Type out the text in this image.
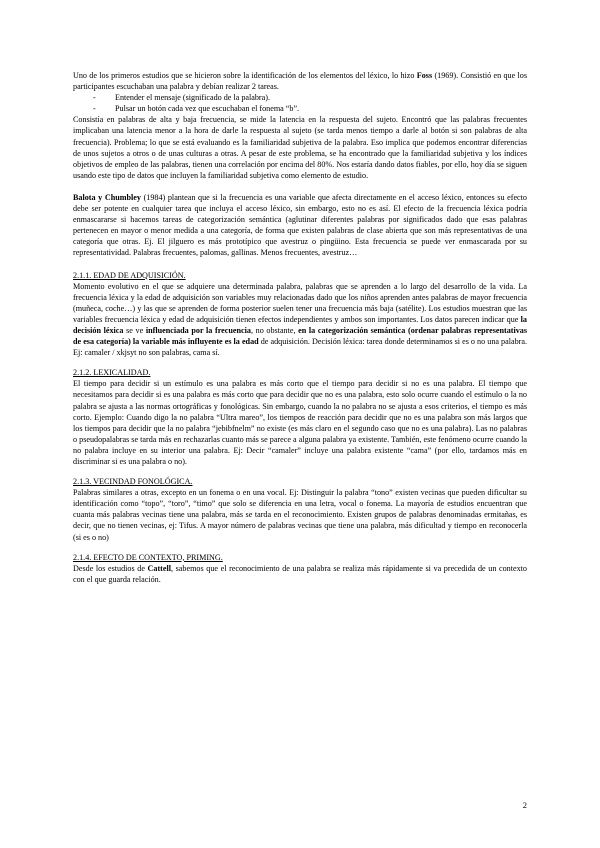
Uno de los primeros estudios que se hicieron sobre la identificación de los elementos del léxico, lo hizo Foss (1969). Consistió en que los participantes escuchaban una palabra y debían realizar 2 tareas.

-	Entender el mensaje (significado de la palabra).
-	Pulsar un botón cada vez que escuchaban el fonema “b”.

Consistía en palabras de alta y baja frecuencia, se mide la latencia en la respuesta del sujeto. Encontró que las palabras frecuentes implicaban una latencia menor a la hora de darle la respuesta al sujeto (se tarda menos tiempo a darle al botón si son palabras de alta frecuencia). Problema; lo que se está evaluando es la familiaridad subjetiva de la palabra. Eso implica que podemos encontrar diferencias de unos sujetos a otros o de unas culturas a otras. A pesar de este problema, se ha encontrado que la familiaridad subjetiva y los índices objetivos de empleo de las palabras, tienen una correlación por encima del 80%. Nos estaría dando datos fiables, por ello, hoy día se siguen usando este tipo de datos que incluyen la familiaridad subjetiva como elemento de estudio.

Balota y Chumbley (1984) plantean que si la frecuencia es una variable que afecta directamente en el acceso léxico, entonces su efecto debe ser potente en cualquier tarea que incluya el acceso léxico, sin embargo, esto no es así. El efecto de la frecuencia léxica podría enmascararse si hacemos tareas de categorización semántica (aglutinar diferentes palabras por significados dado que esas palabras pertenecen en mayor o menor medida a una categoría, de forma que existen palabras de clase abierta que son más representativas de una categoría que otras. Ej. El jilguero es más prototípico que avestruz o pingüino. Esta frecuencia se puede ver enmascarada por su representatividad. Palabras frecuentes, palomas, gallinas. Menos frecuentes, avestruz…

2.1.1. EDAD DE ADQUISICIÓN.

Momento evolutivo en el que se adquiere una determinada palabra, palabras que se aprenden a lo largo del desarrollo de la vida. La frecuencia léxica y la edad de adquisición son variables muy relacionadas dado que los niños aprenden antes palabras de mayor frecuencia (muñeca, coche…) y las que se aprenden de forma posterior suelen tener una frecuencia más baja (satélite). Los estudios muestran que las variables frecuencia léxica y edad de adquisición tienen efectos independientes y ambos son importantes. Los datos parecen indicar que la decisión léxica se ve influenciada por la frecuencia, no obstante, en la categorización semántica (ordenar palabras representativas de esa categoría) la variable más influyente es la edad de adquisición. Decisión léxica: tarea donde determinamos si es o no una palabra. Ej: camaler / xkjsyt no son palabras, cama sí.

2.1.2. LEXICALIDAD.

El tiempo para decidir si un estímulo es una palabra es más corto que el tiempo para decidir si no es una palabra. El tiempo que necesitamos para decidir si es una palabra es más corto que para decidir que no es una palabra, esto solo ocurre cuando el estímulo o la no palabra se ajusta a las normas ortográficas y fonológicas. Sin embargo, cuando la no palabra no se ajusta a esos criterios, el tiempo es más corto. Ejemplo: Cuando digo la no palabra “Ultra mareo”, los tiempos de reacción para decidir que no es una palabra son más largos que los tiempos para decidir que la no palabra “jebibfnelm” no existe (es más claro en el segundo caso que no es una palabra). Las no palabras o pseudopalabras se tarda más en rechazarlas cuanto más se parece a alguna palabra ya existente. También, este fenómeno ocurre cuando la no palabra incluye en su interior una palabra. Ej: Decir “camaler” incluye una palabra existente “cama” (por ello, tardamos más en discriminar si es una palabra o no).

2.1.3. VECINDAD FONOLÓGICA.

Palabras similares a otras, excepto en un fonema o en una vocal. Ej: Distinguir la palabra “tono” existen vecinas que pueden dificultar su identificación como “topo”, “toro”, “timo” que solo se diferencia en una letra, vocal o fonema. La mayoría de estudios encuentran que cuanta más palabras vecinas tiene una palabra, más se tarda en el reconocimiento. Existen grupos de palabras denominadas ermitañas, es decir, que no tienen vecinas, ej: Tifus. A mayor número de palabras vecinas que tiene una palabra, más dificultad y tiempo en reconocerla (si es o no)

2.1.4. EFECTO DE CONTEXTO, PRIMING.

Desde los estudios de Cattell, sabemos que el reconocimiento de una palabra se realiza más rápidamente si va precedida de un contexto con el que guarda relación.

2
